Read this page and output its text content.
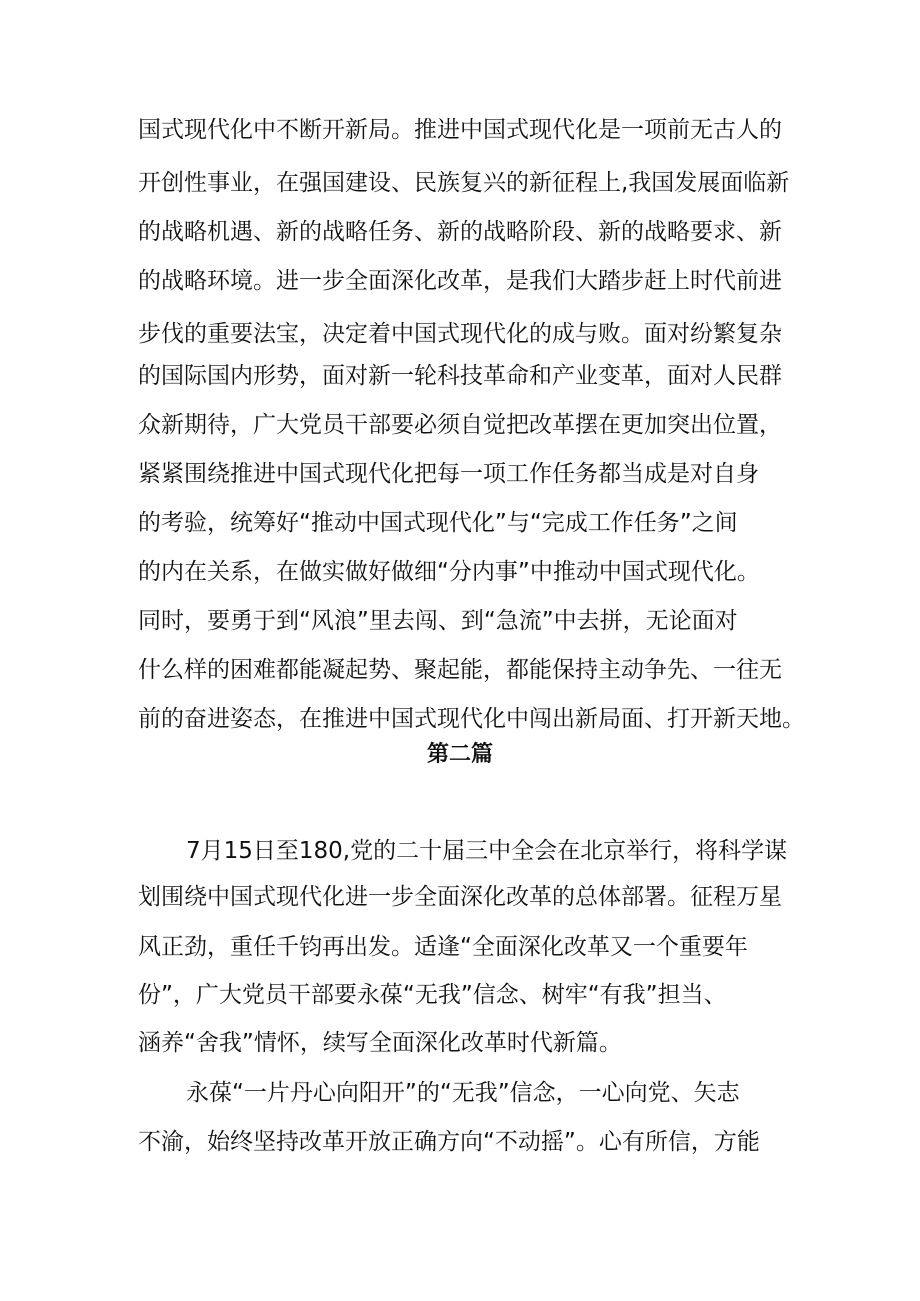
国式现代化中不断开新局。推进中国式现代化是一项前无古人的
开创性事业，在强国建设、民族复兴的新征程上,我国发展面临新
的战略机遇、新的战略任务、新的战略阶段、新的战略要求、新
的战略环境。进一步全面深化改革，是我们大踏步赶上时代前进
步伐的重要法宝，决定着中国式现代化的成与败。面对纷繁复杂
的国际国内形势，面对新一轮科技革命和产业变革，面对人民群
众新期待，广大党员干部要必须自觉把改革摆在更加突出位置，
紧紧围绕推进中国式现代化把每一项工作任务都当成是对自身
的考验，统筹好“推动中国式现代化”与“完成工作任务”之间
的内在关系，在做实做好做细“分内事”中推动中国式现代化。
同时，要勇于到“风浪”里去闯、到“急流”中去拼，无论面对
什么样的困难都能凝起势、聚起能，都能保持主动争先、一往无
前的奋进姿态，在推进中国式现代化中闯出新局面、打开新天地。
第二篇
7月15日至180,党的二十届三中全会在北京举行，将科学谋
划围绕中国式现代化进一步全面深化改革的总体部署。征程万星
风正劲，重任千钧再出发。适逢“全面深化改革又一个重要年
份”，广大党员干部要永葆“无我”信念、树牢“有我”担当、
涵养“舍我”情怀，续写全面深化改革时代新篇。
永葆“一片丹心向阳开”的“无我”信念，一心向党、矢志
不渝，始终坚持改革开放正确方向“不动摇”。心有所信，方能
